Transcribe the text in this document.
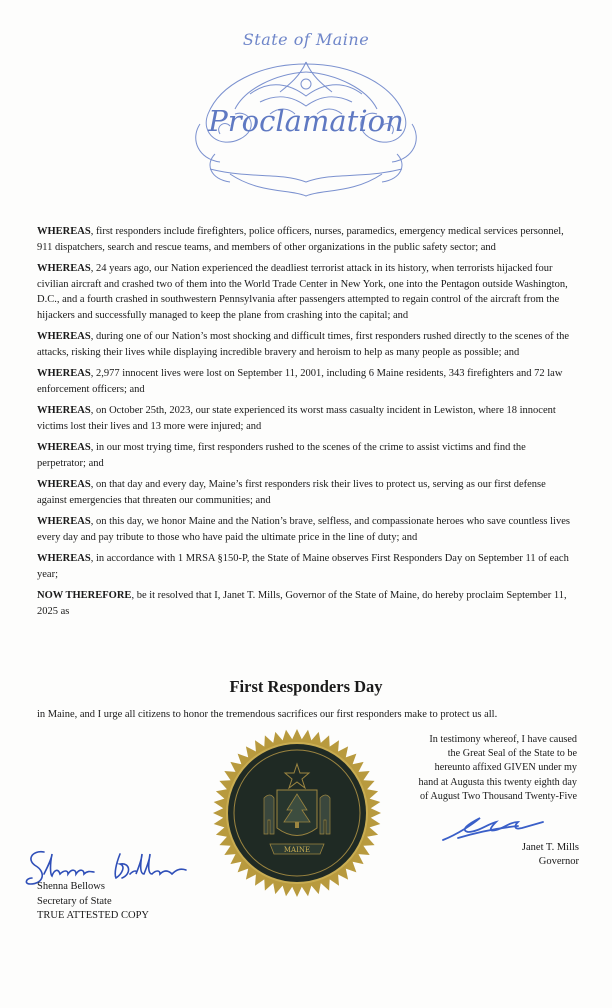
State of Maine
Proclamation

WHEREAS, first responders include firefighters, police officers, nurses, paramedics, emergency medical services personnel, 911 dispatchers, search and rescue teams, and members of other organizations in the public safety sector; and

WHEREAS, 24 years ago, our Nation experienced the deadliest terrorist attack in its history, when terrorists hijacked four civilian aircraft and crashed two of them into the World Trade Center in New York, one into the Pentagon outside Washington, D.C., and a fourth crashed in southwestern Pennsylvania after passengers attempted to regain control of the aircraft from the hijackers and successfully managed to keep the plane from crashing into the capital; and

WHEREAS, during one of our Nation’s most shocking and difficult times, first responders rushed directly to the scenes of the attacks, risking their lives while displaying incredible bravery and heroism to help as many people as possible; and

WHEREAS, 2,977 innocent lives were lost on September 11, 2001, including 6 Maine residents, 343 firefighters and 72 law enforcement officers; and

WHEREAS, on October 25th, 2023, our state experienced its worst mass casualty incident in Lewiston, where 18 innocent victims lost their lives and 13 more were injured; and

WHEREAS, in our most trying time, first responders rushed to the scenes of the crime to assist victims and find the perpetrator; and

WHEREAS, on that day and every day, Maine’s first responders risk their lives to protect us, serving as our first defense against emergencies that threaten our communities; and

WHEREAS, on this day, we honor Maine and the Nation’s brave, selfless, and compassionate heroes who save countless lives every day and pay tribute to those who have paid the ultimate price in the line of duty; and

WHEREAS, in accordance with 1 MRSA §150-P, the State of Maine observes First Responders Day on September 11 of each year;

NOW THEREFORE, be it resolved that I, Janet T. Mills, Governor of the State of Maine, do hereby proclaim September 11, 2025 as

First Responders Day
in Maine, and I urge all citizens to honor the tremendous sacrifices our first responders make to protect us all.
In testimony whereof, I have caused
the Great Seal of the State to be
hereunto affixed GIVEN under my
hand at Augusta this twenty eighth day
of August Two Thousand Twenty-Five
MAINE	Janet T. Mills
Governor
Shenna Bellows
Secretary of State
TRUE ATTESTED COPY
